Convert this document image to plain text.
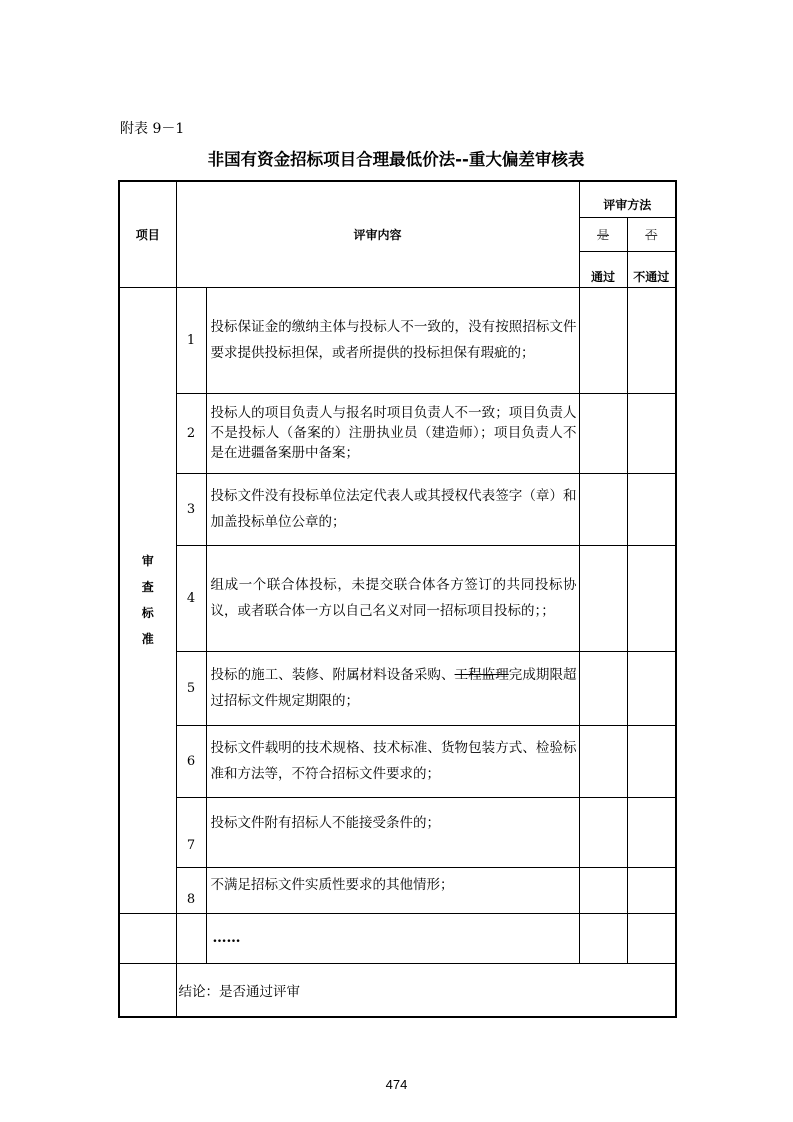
附表 9－1
非国有资金招标项目合理最低价法--重大偏差审核表
项目	评审内容		评审方法	
			是	否
			通过	不通过

审
查
标
准	1	投标保证金的缴纳主体与投标人不一致的，没有按照招标文件要求提供投标担保，或者所提供的投标担保有瑕疵的；		
	2	投标人的项目负责人与报名时项目负责人不一致；项目负责人不是投标人（备案的）注册执业员（建造师）；项目负责人不是在进疆备案册中备案；		
	3	投标文件没有投标单位法定代表人或其授权代表签字（章）和加盖投标单位公章的；		
	4	组成一个联合体投标，未提交联合体各方签订的共同投标协议，或者联合体一方以自己名义对同一招标项目投标的；；		
	5	投标的施工、装修、附属材料设备采购、工程监理完成期限超过招标文件规定期限的；		
	6	投标文件载明的技术规格、技术标准、货物包装方式、检验标准和方法等，不符合招标文件要求的；		
	7	投标文件附有招标人不能接受条件的；		
	8	不满足招标文件实质性要求的其他情形；		
		……		
	结论：是否通过评审			
474
